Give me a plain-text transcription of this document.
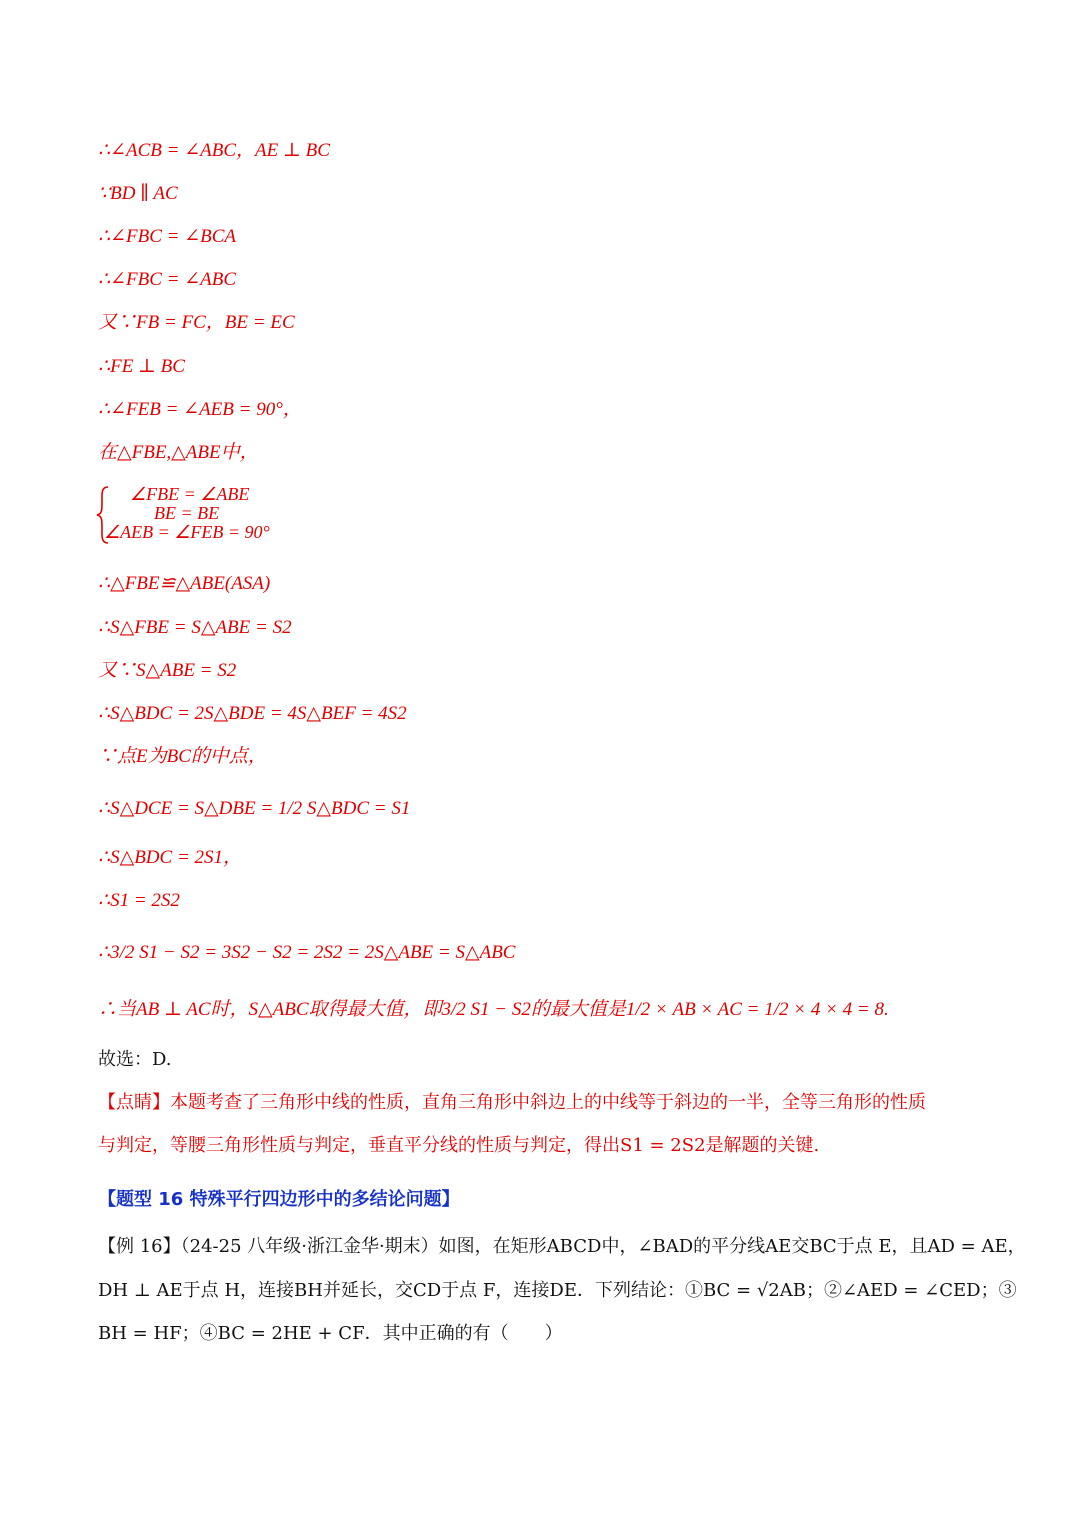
∴∠ACB = ∠ABC，AE ⊥ BC
∵BD ∥ AC
∴∠FBC = ∠BCA
∴∠FBC = ∠ABC
又∵FB = FC，BE = EC
∴FE ⊥ BC
∴∠FEB = ∠AEB = 90°，
在△FBE,△ABE中，
∠FBE = ∠ABE
BE = BE
∠AEB = ∠FEB = 90°
∴△FBE≌△ABE(ASA)
∴S△FBE = S△ABE = S2
又∵S△ABE = S2
∴S△BDC = 2S△BDE = 4S△BEF = 4S2
∵点E为BC的中点，
∴S△DCE = S△DBE = 1/2 S△BDC = S1
∴S△BDC = 2S1，
∴S1 = 2S2
∴3/2 S1 − S2 = 3S2 − S2 = 2S2 = 2S△ABE = S△ABC
∴当AB ⊥ AC时，S△ABC取得最大值，即3/2 S1 − S2的最大值是1/2 × AB × AC = 1/2 × 4 × 4 = 8.
故选：D.
【点睛】本题考查了三角形中线的性质，直角三角形中斜边上的中线等于斜边的一半，全等三角形的性质
与判定，等腰三角形性质与判定，垂直平分线的性质与判定，得出S1 = 2S2是解题的关键.
【题型 16 特殊平行四边形中的多结论问题】
【例 16】（24-25 八年级·浙江金华·期末）如图，在矩形ABCD中，∠BAD的平分线AE交BC于点 E，且AD = AE，
DH ⊥ AE于点 H，连接BH并延长，交CD于点 F，连接DE．下列结论：①BC = √2AB；②∠AED = ∠CED；③
BH = HF；④BC = 2HE + CF．其中正确的有（　　）
